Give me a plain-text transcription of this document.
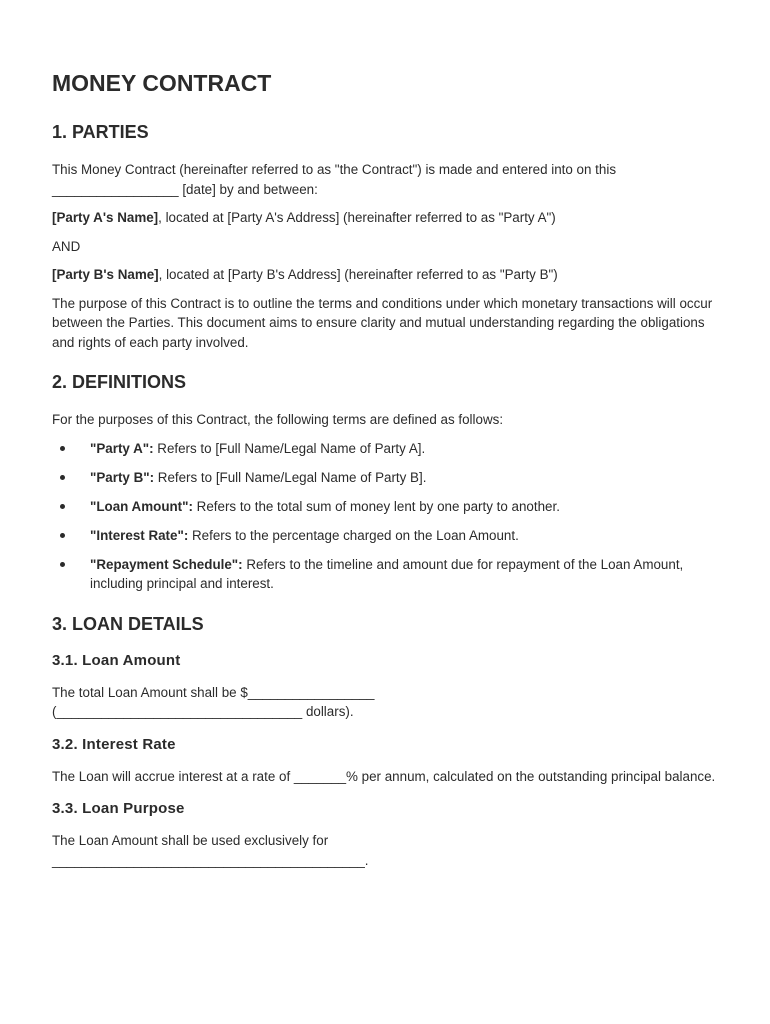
MONEY CONTRACT
1. PARTIES

This Money Contract (hereinafter referred to as "the Contract") is made and entered into on this
_________________ [date] by and between:

[Party A's Name], located at [Party A's Address] (hereinafter referred to as "Party A")

AND

[Party B's Name], located at [Party B's Address] (hereinafter referred to as "Party B")

The purpose of this Contract is to outline the terms and conditions under which monetary transactions will occur between the Parties. This document aims to ensure clarity and mutual understanding regarding the obligations and rights of each party involved.

2. DEFINITIONS

For the purposes of this Contract, the following terms are defined as follows:

"Party A": Refers to [Full Name/Legal Name of Party A].
"Party B": Refers to [Full Name/Legal Name of Party B].
"Loan Amount": Refers to the total sum of money lent by one party to another.
"Interest Rate": Refers to the percentage charged on the Loan Amount.
"Repayment Schedule": Refers to the timeline and amount due for repayment of the Loan Amount, including principal and interest.
3. LOAN DETAILS
3.1. Loan Amount

The total Loan Amount shall be $_________________
(_________________________________ dollars).

3.2. Interest Rate

The Loan will accrue interest at a rate of _______% per annum, calculated on the outstanding principal balance.

3.3. Loan Purpose

The Loan Amount shall be used exclusively for
__________________________________________.
